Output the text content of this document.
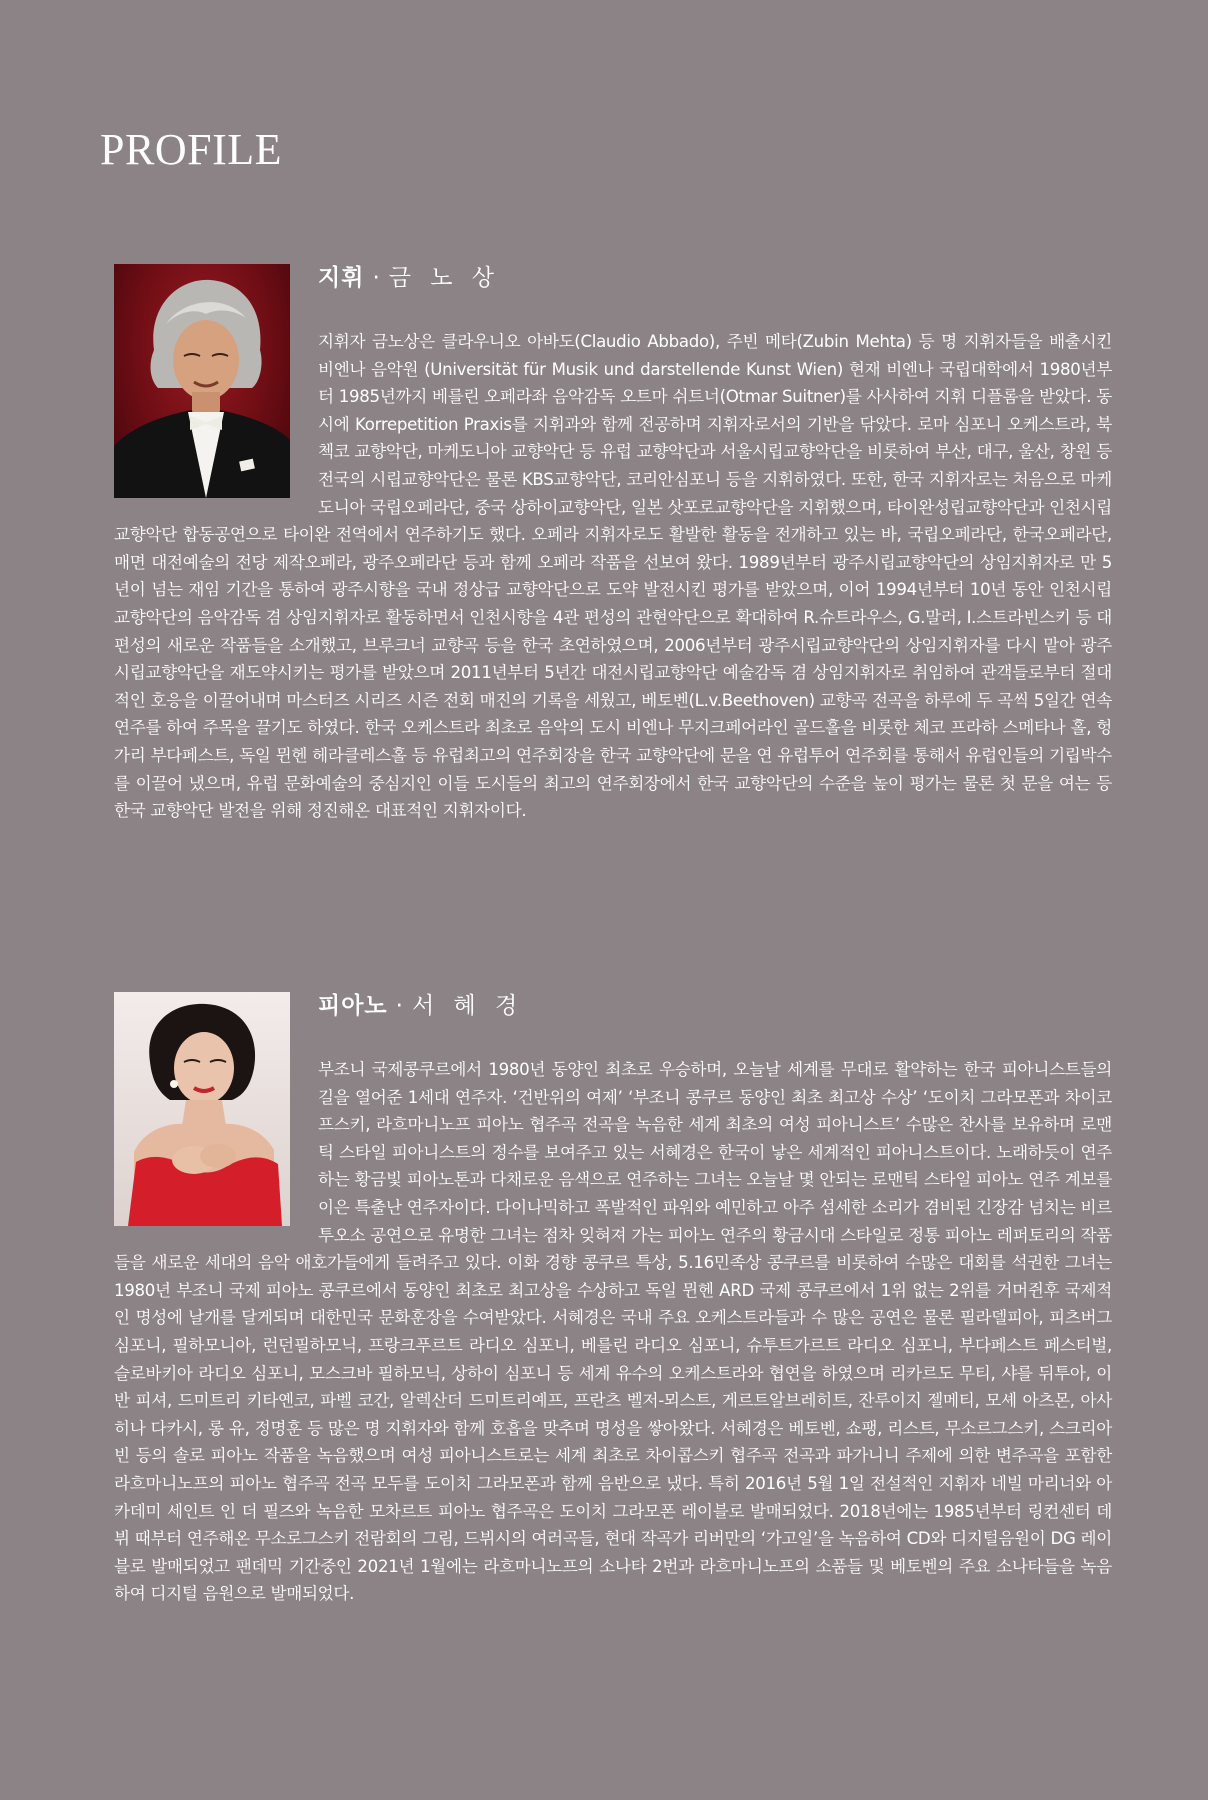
PROFILE
지휘 · 금 노 상

지휘자 금노상은 클라우니오 아바도(Claudio Abbado), 주빈 메타(Zubin Mehta) 등 명 지휘자들을 배출시킨 비엔나 음악원 (Universität für Musik und darstellende Kunst Wien) 현재 비엔나 국립대학에서 1980년부터 1985년까지 베를린 오페라좌 음악감독 오트마 쉬트너(Otmar Suitner)를 사사하여 지휘 디플롬을 받았다. 동시에 Korrepetition Praxis를 지휘과와 함께 전공하며 지휘자로서의 기반을 닦았다. 로마 심포니 오케스트라, 북첵코 교향악단, 마케도니아 교향악단 등 유럽 교향악단과 서울시립교향악단을 비롯하여 부산, 대구, 울산, 창원 등 전국의 시립교향악단은 물론 KBS교향악단, 코리안심포니 등을 지휘하였다. 또한, 한국 지휘자로는 처음으로 마케도니아 국립오페라단, 중국 상하이교향악단, 일본 삿포로교향악단을 지휘했으며, 타이완성립교향악단과 인천시립교향악단 합동공연으로 타이완 전역에서 연주하기도 했다. 오페라 지휘자로도 활발한 활동을 전개하고 있는 바, 국립오페라단, 한국오페라단, 매면 대전예술의 전당 제작오페라, 광주오페라단 등과 함께 오페라 작품을 선보여 왔다. 1989년부터 광주시립교향악단의 상임지휘자로 만 5년이 넘는 재임 기간을 통하여 광주시향을 국내 정상급 교향악단으로 도약 발전시킨 평가를 받았으며, 이어 1994년부터 10년 동안 인천시립교향악단의 음악감독 겸 상임지휘자로 활동하면서 인천시향을 4관 편성의 관현악단으로 확대하여 R.슈트라우스, G.말러, I.스트라빈스키 등 대편성의 새로운 작품들을 소개했고, 브루크너 교향곡 등을 한국 초연하였으며, 2006년부터 광주시립교향악단의 상임지휘자를 다시 맡아 광주시립교향악단을 재도약시키는 평가를 받았으며 2011년부터 5년간 대전시립교향악단 예술감독 겸 상임지휘자로 취임하여 관객들로부터 절대적인 호응을 이끌어내며 마스터즈 시리즈 시즌 전회 매진의 기록을 세웠고, 베토벤(L.v.Beethoven) 교향곡 전곡을 하루에 두 곡씩 5일간 연속 연주를 하여 주목을 끌기도 하였다. 한국 오케스트라 최초로 음악의 도시 비엔나 무지크페어라인 골드홀을 비롯한 체코 프라하 스메타나 홀, 헝가리 부다페스트, 독일 뮌헨 헤라클레스홀 등 유럽최고의 연주회장을 한국 교향악단에 문을 연 유럽투어 연주회를 통해서 유럽인들의 기립박수를 이끌어 냈으며, 유럽 문화예술의 중심지인 이들 도시들의 최고의 연주회장에서 한국 교향악단의 수준을 높이 평가는 물론 첫 문을 여는 등 한국 교향악단 발전을 위해 정진해온 대표적인 지휘자이다.

피아노 · 서 혜 경

부조니 국제콩쿠르에서 1980년 동양인 최초로 우승하며, 오늘날 세계를 무대로 활약하는 한국 피아니스트들의 길을 열어준 1세대 연주자. ‘건반위의 여제’ ‘부조니 콩쿠르 동양인 최초 최고상 수상’ ‘도이치 그라모폰과 차이코프스키, 라흐마니노프 피아노 협주곡 전곡을 녹음한 세계 최초의 여성 피아니스트’ 수많은 찬사를 보유하며 로맨틱 스타일 피아니스트의 정수를 보여주고 있는 서혜경은 한국이 낳은 세계적인 피아니스트이다. 노래하듯이 연주하는 황금빛 피아노톤과 다채로운 음색으로 연주하는 그녀는 오늘날 몇 안되는 로맨틱 스타일 피아노 연주 계보를 이은 특출난 연주자이다. 다이나믹하고 폭발적인 파워와 예민하고 아주 섬세한 소리가 겸비된 긴장감 넘치는 비르투오소 공연으로 유명한 그녀는 점차 잊혀져 가는 피아노 연주의 황금시대 스타일로 정통 피아노 레퍼토리의 작품들을 새로운 세대의 음악 애호가들에게 들려주고 있다. 이화 경향 콩쿠르 특상, 5.16민족상 콩쿠르를 비롯하여 수많은 대회를 석권한 그녀는 1980년 부조니 국제 피아노 콩쿠르에서 동양인 최초로 최고상을 수상하고 독일 뮌헨 ARD 국제 콩쿠르에서 1위 없는 2위를 거머쥔후 국제적인 명성에 날개를 달게되며 대한민국 문화훈장을 수여받았다. 서혜경은 국내 주요 오케스트라들과 수 많은 공연은 물론 필라델피아, 피츠버그 심포니, 필하모니아, 런던필하모닉, 프랑크푸르트 라디오 심포니, 베를린 라디오 심포니, 슈투트가르트 라디오 심포니, 부다페스트 페스티벌, 슬로바키아 라디오 심포니, 모스크바 필하모닉, 상하이 심포니 등 세계 유수의 오케스트라와 협연을 하였으며 리카르도 무티, 샤를 뒤투아, 이반 피셔, 드미트리 키타옌코, 파벨 코간, 알렉산더 드미트리예프, 프란츠 벨저-뫼스트, 게르트알브레히트, 잔루이지 젤메티, 모셰 아츠몬, 아사히나 다카시, 롱 유, 정명훈 등 많은 명 지휘자와 함께 호흡을 맞추며 명성을 쌓아왔다. 서혜경은 베토벤, 쇼팽, 리스트, 무소르그스키, 스크리아빈 등의 솔로 피아노 작품을 녹음했으며 여성 피아니스트로는 세계 최초로 차이콥스키 협주곡 전곡과 파가니니 주제에 의한 변주곡을 포함한 라흐마니노프의 피아노 협주곡 전곡 모두를 도이치 그라모폰과 함께 음반으로 냈다. 특히 2016년 5월 1일 전설적인 지휘자 네빌 마리너와 아카데미 세인트 인 더 필즈와 녹음한 모차르트 피아노 협주곡은 도이치 그라모폰 레이블로 발매되었다. 2018년에는 1985년부터 링컨센터 데뷔 때부터 연주해온 무소로그스키 전람회의 그림, 드뷔시의 여러곡들, 현대 작곡가 리버만의 ‘가고일’을 녹음하여 CD와 디지털음원이 DG 레이블로 발매되었고 팬데믹 기간중인 2021년 1월에는 라흐마니노프의 소나타 2번과 라흐마니노프의 소품들 및 베토벤의 주요 소나타들을 녹음하여 디지털 음원으로 발매되었다.
